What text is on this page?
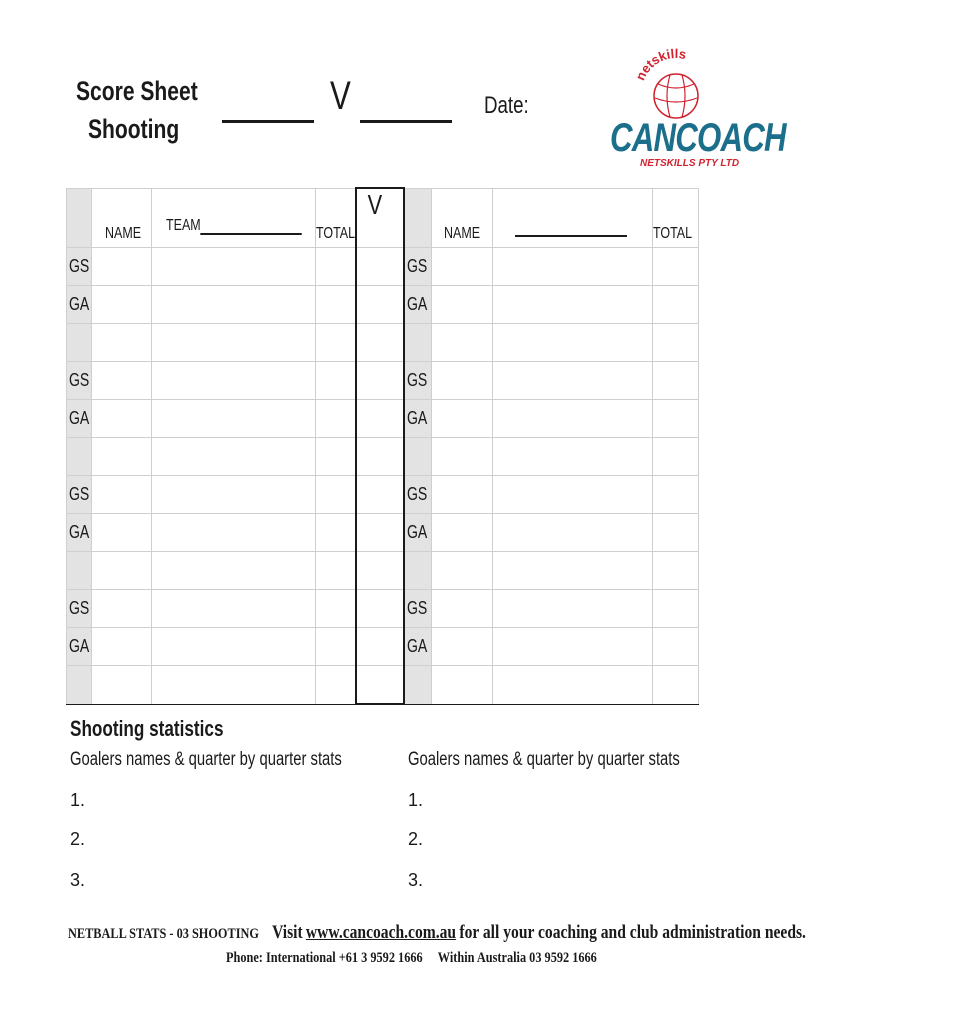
Score Sheet
Shooting
V	Date:
etskills
CANCOACH
NETSKILLS PTY LTD
	NAME	TEAM	TOTAL	V		NAME		TOTAL
GS					GS			
GA					GA			

GS					GS			
GA					GA			

GS					GS			
GA					GA			

GS					GS			
GA					GA			

Shooting statistics
Goalers names & quarter by quarter stats	Goalers names & quarter by quarter stats
1.
2.
3.
1.
2.
3.
NETBALL STATS - 03 SHOOTING Visit www.cancoach.com.au for all your coaching and club administration needs.
Phone: International +61 3 9592 1666 Within Australia 03 9592 1666
